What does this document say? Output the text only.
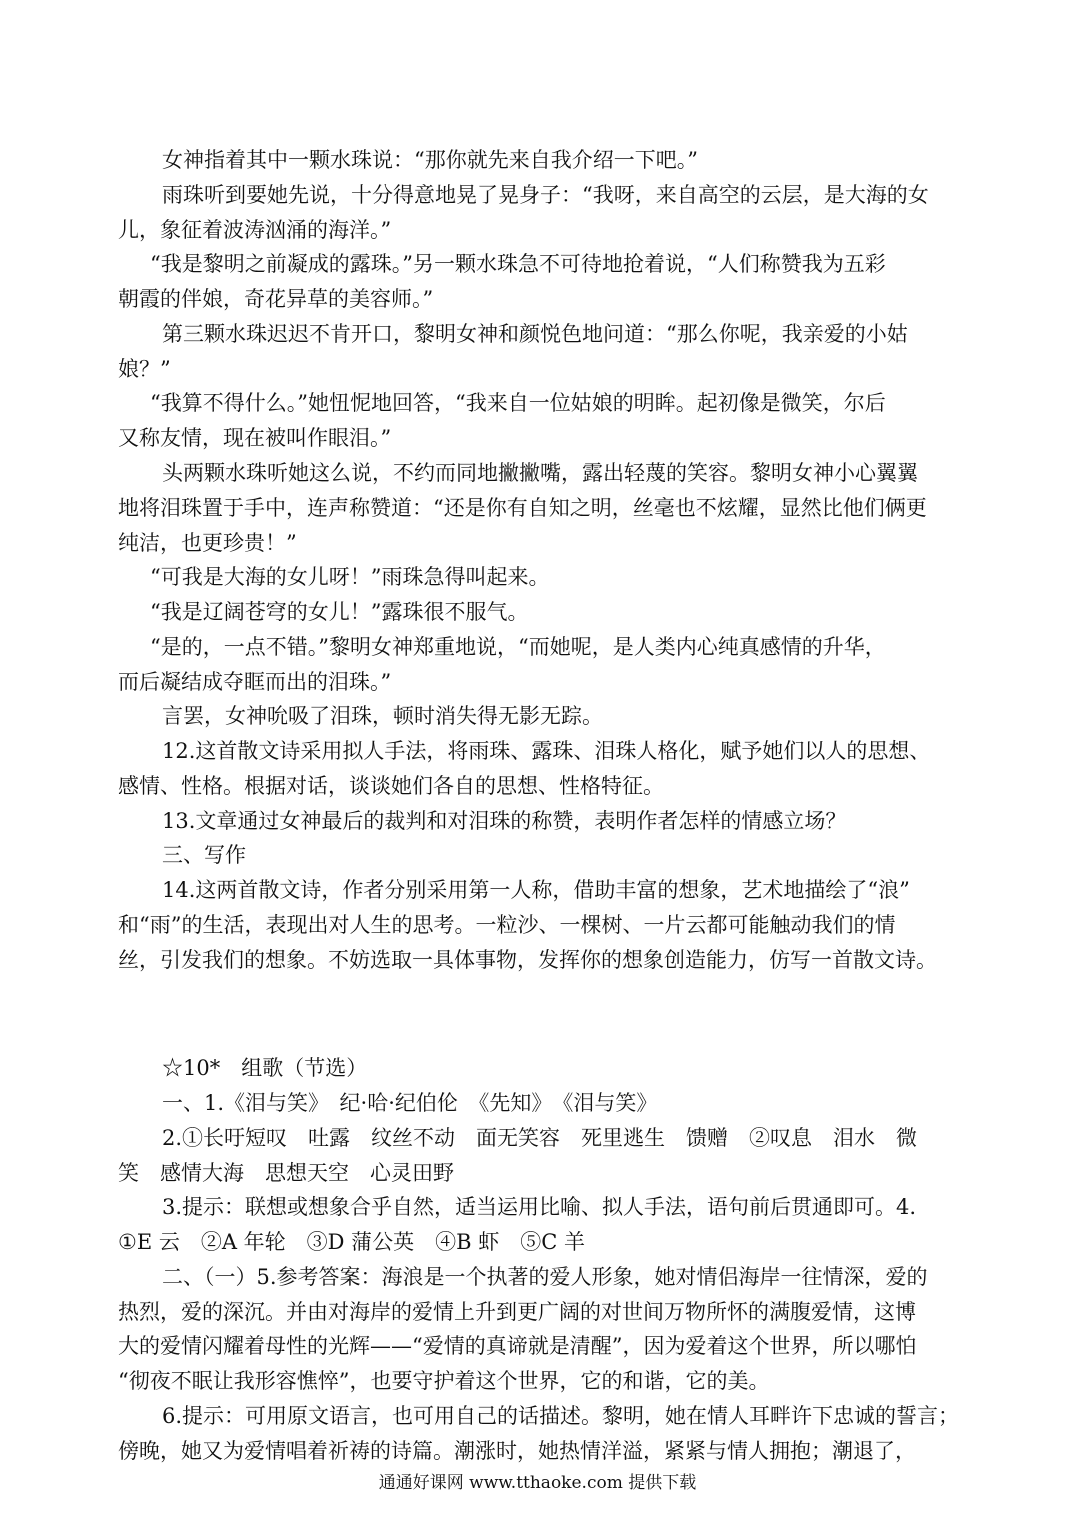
女神指着其中一颗水珠说：“那你就先来自我介绍一下吧。”
雨珠听到要她先说，十分得意地晃了晃身子：“我呀，来自高空的云层，是大海的女
儿，象征着波涛汹涌的海洋。”
“我是黎明之前凝成的露珠。”另一颗水珠急不可待地抢着说，“人们称赞我为五彩
朝霞的伴娘，奇花异草的美容师。”
第三颗水珠迟迟不肯开口，黎明女神和颜悦色地问道：“那么你呢，我亲爱的小姑
娘？”
“我算不得什么。”她忸怩地回答，“我来自一位姑娘的明眸。起初像是微笑，尔后
又称友情，现在被叫作眼泪。”
头两颗水珠听她这么说，不约而同地撇撇嘴，露出轻蔑的笑容。黎明女神小心翼翼
地将泪珠置于手中，连声称赞道：“还是你有自知之明，丝毫也不炫耀，显然比他们俩更
纯洁，也更珍贵！”
“可我是大海的女儿呀！”雨珠急得叫起来。
“我是辽阔苍穹的女儿！”露珠很不服气。
“是的，一点不错。”黎明女神郑重地说，“而她呢，是人类内心纯真感情的升华，
而后凝结成夺眶而出的泪珠。”
言罢，女神吮吸了泪珠，顿时消失得无影无踪。
12.这首散文诗采用拟人手法，将雨珠、露珠、泪珠人格化，赋予她们以人的思想、
感情、性格。根据对话，谈谈她们各自的思想、性格特征。
13.文章通过女神最后的裁判和对泪珠的称赞，表明作者怎样的情感立场？
三、写作
14.这两首散文诗，作者分别采用第一人称，借助丰富的想象，艺术地描绘了“浪”
和“雨”的生活，表现出对人生的思考。一粒沙、一棵树、一片云都可能触动我们的情
丝，引发我们的想象。不妨选取一具体事物，发挥你的想象创造能力，仿写一首散文诗。
☆10*　组歌（节选）
一、1.《泪与笑》　纪·哈·纪伯伦　《先知》　《泪与笑》
2.①长吁短叹　吐露　纹丝不动　面无笑容　死里逃生　馈赠　②叹息　泪水　微
笑　感情大海　思想天空　心灵田野
3.提示：联想或想象合乎自然，适当运用比喻、拟人手法，语句前后贯通即可。4.
①E 云　②A 年轮　③D 蒲公英　④B 虾　⑤C 羊
二、（一）5.参考答案：海浪是一个执著的爱人形象，她对情侣海岸一往情深，爱的
热烈，爱的深沉。并由对海岸的爱情上升到更广阔的对世间万物所怀的满腹爱情，这博
大的爱情闪耀着母性的光辉——“爱情的真谛就是清醒”，因为爱着这个世界，所以哪怕
“彻夜不眠让我形容憔悴”，也要守护着这个世界，它的和谐，它的美。
6.提示：可用原文语言，也可用自己的话描述。黎明，她在情人耳畔许下忠诚的誓言；
通通好课网 www.tthaoke.com 提供下载
傍晚，她又为爱情唱着祈祷的诗篇。潮涨时，她热情洋溢，紧紧与情人拥抱；潮退了，
